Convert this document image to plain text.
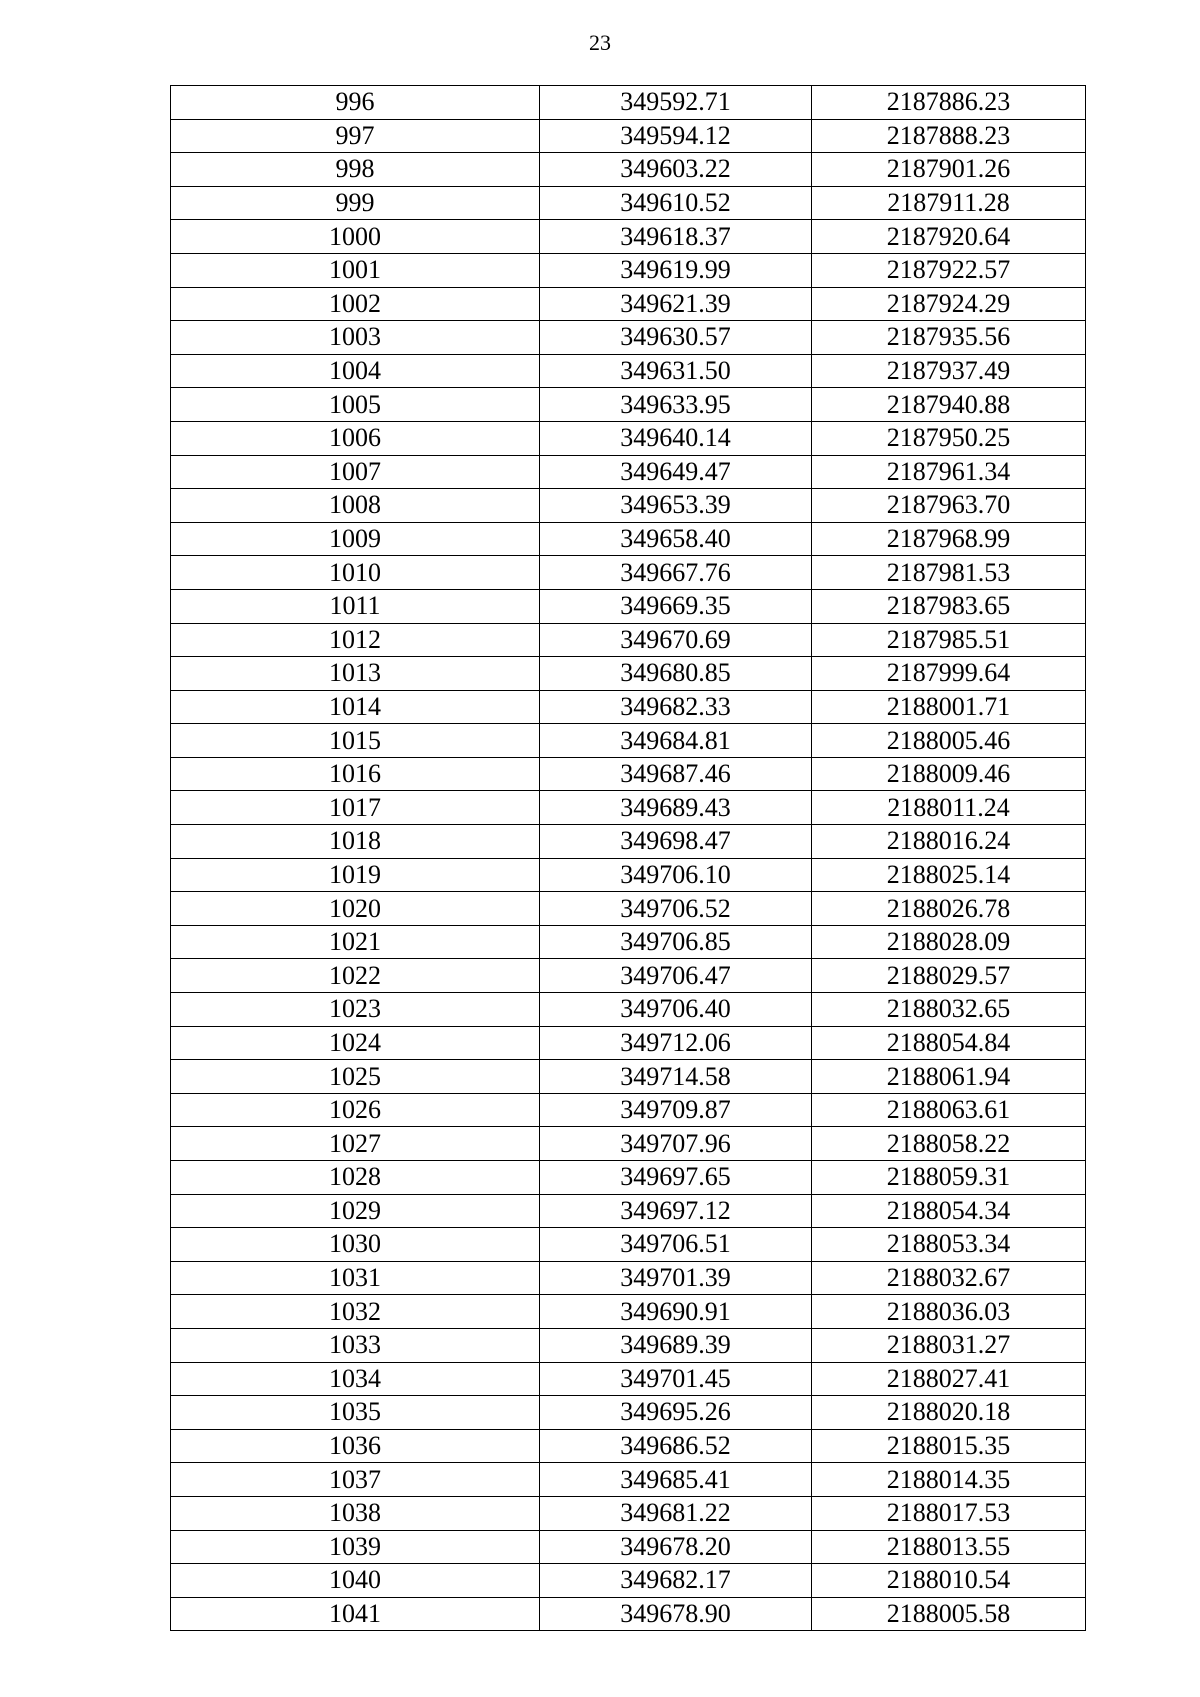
23
996	349592.71	2187886.23
997	349594.12	2187888.23
998	349603.22	2187901.26
999	349610.52	2187911.28
1000	349618.37	2187920.64
1001	349619.99	2187922.57
1002	349621.39	2187924.29
1003	349630.57	2187935.56
1004	349631.50	2187937.49
1005	349633.95	2187940.88
1006	349640.14	2187950.25
1007	349649.47	2187961.34
1008	349653.39	2187963.70
1009	349658.40	2187968.99
1010	349667.76	2187981.53
1011	349669.35	2187983.65
1012	349670.69	2187985.51
1013	349680.85	2187999.64
1014	349682.33	2188001.71
1015	349684.81	2188005.46
1016	349687.46	2188009.46
1017	349689.43	2188011.24
1018	349698.47	2188016.24
1019	349706.10	2188025.14
1020	349706.52	2188026.78
1021	349706.85	2188028.09
1022	349706.47	2188029.57
1023	349706.40	2188032.65
1024	349712.06	2188054.84
1025	349714.58	2188061.94
1026	349709.87	2188063.61
1027	349707.96	2188058.22
1028	349697.65	2188059.31
1029	349697.12	2188054.34
1030	349706.51	2188053.34
1031	349701.39	2188032.67
1032	349690.91	2188036.03
1033	349689.39	2188031.27
1034	349701.45	2188027.41
1035	349695.26	2188020.18
1036	349686.52	2188015.35
1037	349685.41	2188014.35
1038	349681.22	2188017.53
1039	349678.20	2188013.55
1040	349682.17	2188010.54
1041	349678.90	2188005.58
